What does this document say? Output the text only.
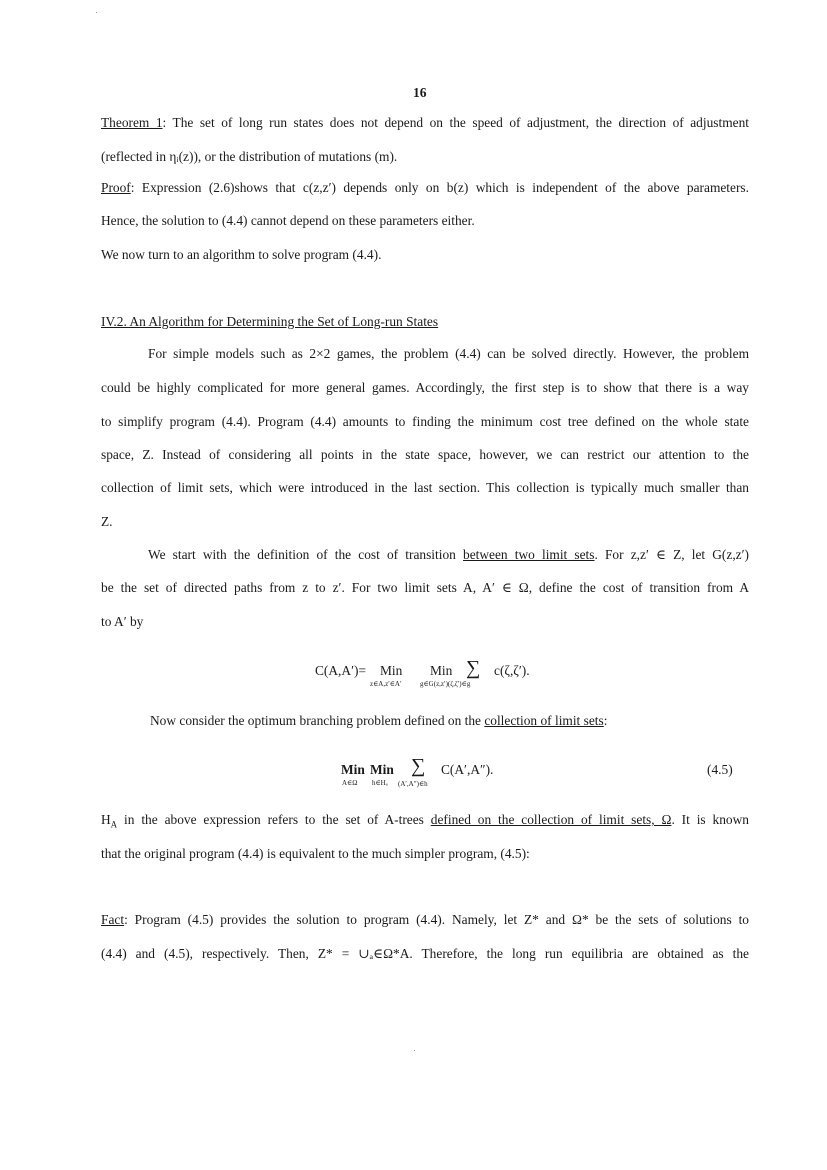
16
Theorem 1: The set of long run states does not depend on the speed of adjustment, the direction of adjustment
(reflected in ηᵢ(z)), or the distribution of mutations (m).
Proof: Expression (2.6)shows that c(z,z′) depends only on b(z) which is independent of the above parameters.
Hence, the solution to (4.4) cannot depend on these parameters either.
We now turn to an algorithm to solve program (4.4).
IV.2. An Algorithm for Determining the Set of Long-run States
For simple models such as 2×2 games, the problem (4.4) can be solved directly. However, the problem
could be highly complicated for more general games. Accordingly, the first step is to show that there is a way
to simplify program (4.4). Program (4.4) amounts to finding the minimum cost tree defined on the whole state
space, Z. Instead of considering all points in the state space, however, we can restrict our attention to the
collection of limit sets, which were introduced in the last section. This collection is typically much smaller than
Z.
We start with the definition of the cost of transition between two limit sets. For z,z′ ∈ Z, let G(z,z′)
be the set of directed paths from z to z′. For two limit sets A, A′ ∈ Ω, define the cost of transition from A
to A′ by
C(A,A′)= Min
z∈A,z′∈A′
Min
g∈G(z,z′)(ζ,ζ′)∈g
∑ c(ζ,ζ′).
Now consider the optimum branching problem defined on the collection of limit sets:
Min
A∈Ω
Min
h∈Hₐ
∑
(A′,A″)∈h
C(A′,A″).	(4.5)
$H_A$ in the above expression refers to the set of A-trees defined on the collection of limit sets, Ω. It is known
that the original program (4.4) is equivalent to the much simpler program, (4.5):
Fact: Program (4.5) provides the solution to program (4.4). Namely, let Z* and Ω* be the sets of solutions to
(4.4) and (4.5), respectively. Then, Z* = ∪ₐ∈Ω*A. Therefore, the long run equilibria are obtained as the
